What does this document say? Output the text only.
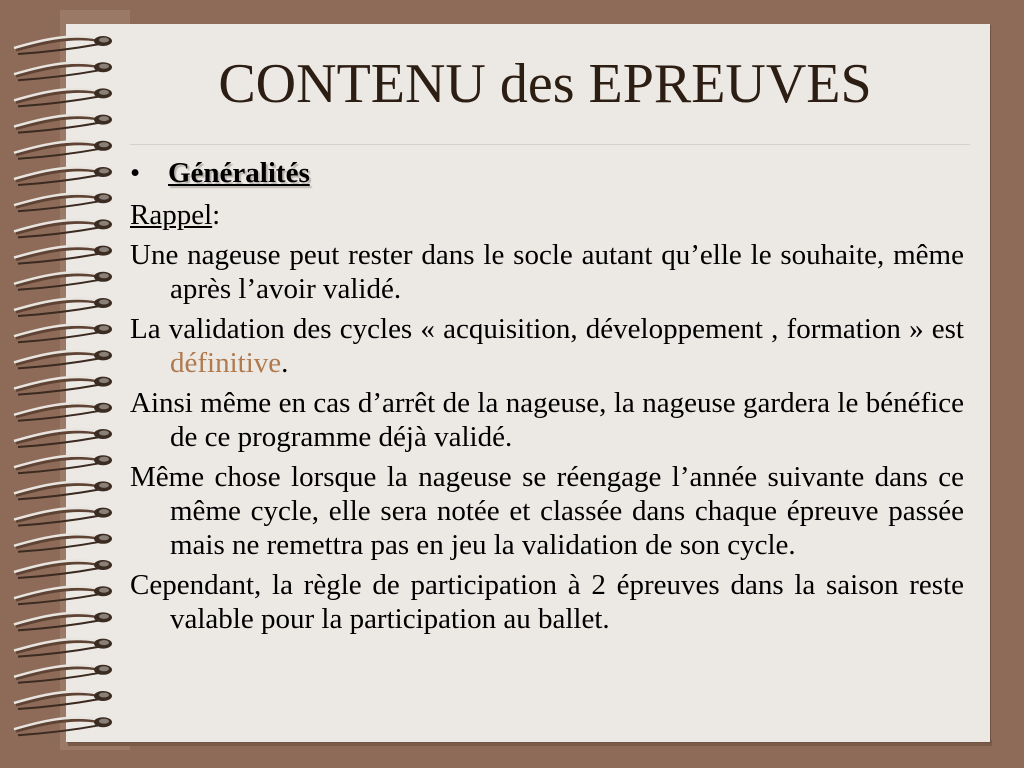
CONTENU des EPREUVES
• Généralités
Rappel:
Une nageuse peut rester dans le socle autant qu’elle le souhaite, même après l’avoir validé.
La validation des cycles « acquisition, développement , formation » est définitive.
Ainsi même en cas d’arrêt de la nageuse, la nageuse gardera le bénéfice de ce programme déjà validé.
Même chose lorsque la nageuse se réengage l’année suivante dans ce même cycle, elle sera notée et classée dans chaque épreuve passée mais ne remettra pas en jeu la validation de son cycle.
Cependant, la règle de participation à 2 épreuves dans la saison reste valable pour la participation au ballet.
